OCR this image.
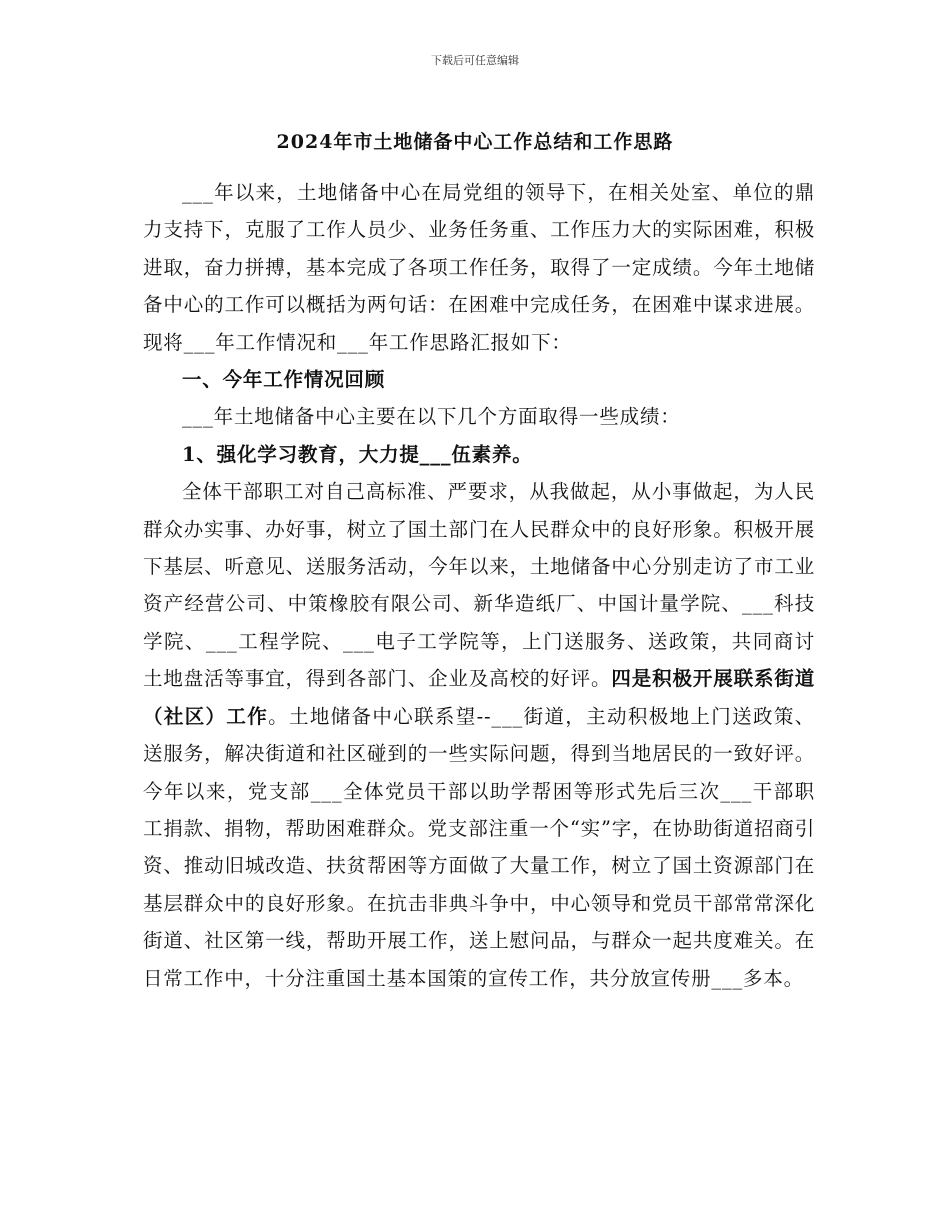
下载后可任意编辑
2024年市土地储备中心工作总结和工作思路

___年以来，土地储备中心在局党组的领导下，在相关处室、单位的鼎力支持下，克服了工作人员少、业务任务重、工作压力大的实际困难，积极进取，奋力拼搏，基本完成了各项工作任务，取得了一定成绩。今年土地储备中心的工作可以概括为两句话：在困难中完成任务，在困难中谋求进展。现将___年工作情况和___年工作思路汇报如下：

一、今年工作情况回顾

___年土地储备中心主要在以下几个方面取得一些成绩：

1、强化学习教育，大力提___伍素养。

全体干部职工对自己高标准、严要求，从我做起，从小事做起，为人民群众办实事、办好事，树立了国土部门在人民群众中的良好形象。积极开展下基层、听意见、送服务活动，今年以来，土地储备中心分别走访了市工业资产经营公司、中策橡胶有限公司、新华造纸厂、中国计量学院、___科技学院、___工程学院、___电子工学院等，上门送服务、送政策，共同商讨土地盘活等事宜，得到各部门、企业及高校的好评。四是积极开展联系街道（社区）工作。土地储备中心联系望--___街道，主动积极地上门送政策、送服务，解决街道和社区碰到的一些实际问题，得到当地居民的一致好评。今年以来，党支部___全体党员干部以助学帮困等形式先后三次___干部职工捐款、捐物，帮助困难群众。党支部注重一个“实”字，在协助街道招商引资、推动旧城改造、扶贫帮困等方面做了大量工作，树立了国土资源部门在基层群众中的良好形象。在抗击非典斗争中，中心领导和党员干部常常深化街道、社区第一线，帮助开展工作，送上慰问品，与群众一起共度难关。在日常工作中，十分注重国土基本国策的宣传工作，共分放宣传册___多本。
